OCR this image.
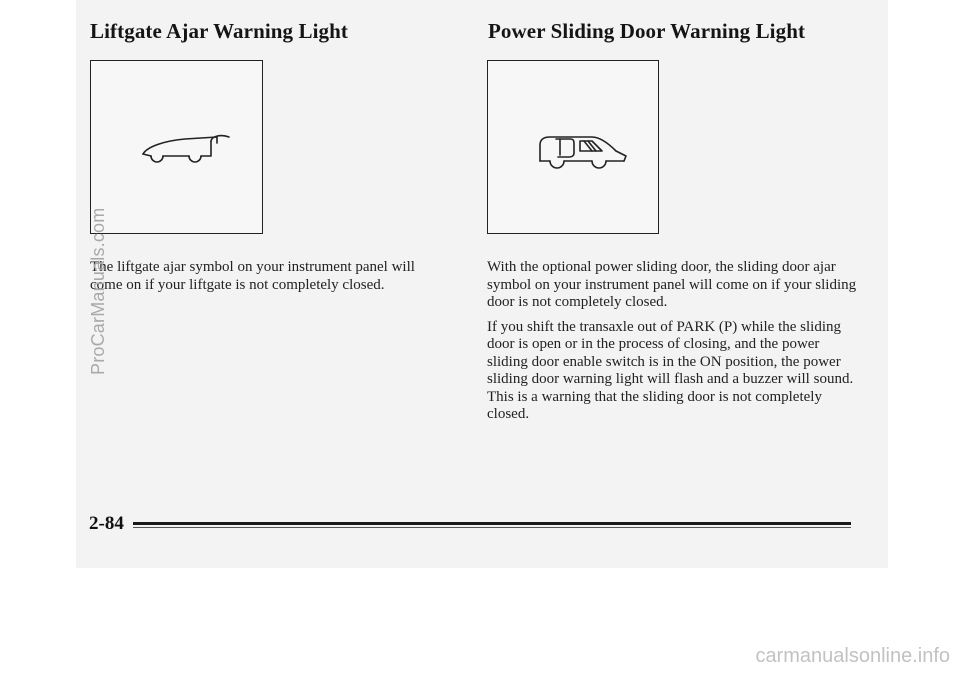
Liftgate Ajar Warning Light

The liftgate ajar symbol on your instrument panel will come on if your liftgate is not completely closed.

Power Sliding Door Warning Light

With the optional power sliding door, the sliding door ajar symbol on your instrument panel will come on if your sliding door is not completely closed.

If you shift the transaxle out of PARK (P) while the sliding door is open or in the process of closing, and the power sliding door enable switch is in the ON position, the power sliding door warning light will flash and a buzzer will sound. This is a warning that the sliding door is not completely closed.

2-84
ProCarManuals.com
carmanualsonline.info
